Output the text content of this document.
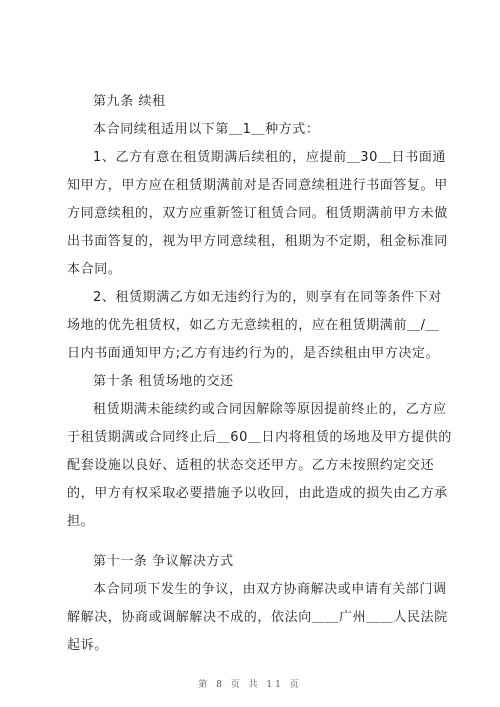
第九条 续租
本合同续租适用以下第＿1＿种方式：
1、乙方有意在租赁期满后续租的，应提前＿30＿日书面通
知甲方，甲方应在租赁期满前对是否同意续租进行书面答复。甲
方同意续租的，双方应重新签订租赁合同。租赁期满前甲方未做
出书面答复的，视为甲方同意续租，租期为不定期，租金标准同
本合同。
2、租赁期满乙方如无违约行为的，则享有在同等条件下对
场地的优先租赁权，如乙方无意续租的，应在租赁期满前＿/＿
日内书面通知甲方;乙方有违约行为的，是否续租由甲方决定。
第十条 租赁场地的交还
租赁期满未能续约或合同因解除等原因提前终止的，乙方应
于租赁期满或合同终止后＿60＿日内将租赁的场地及甲方提供的
配套设施以良好、适租的状态交还甲方。乙方未按照约定交还
的，甲方有权采取必要措施予以收回，由此造成的损失由乙方承
担。
第十一条 争议解决方式
本合同项下发生的争议，由双方协商解决或申请有关部门调
解解决，协商或调解解决不成的，依法向＿＿广州＿＿人民法院
起诉。
第 8 页 共 11 页
